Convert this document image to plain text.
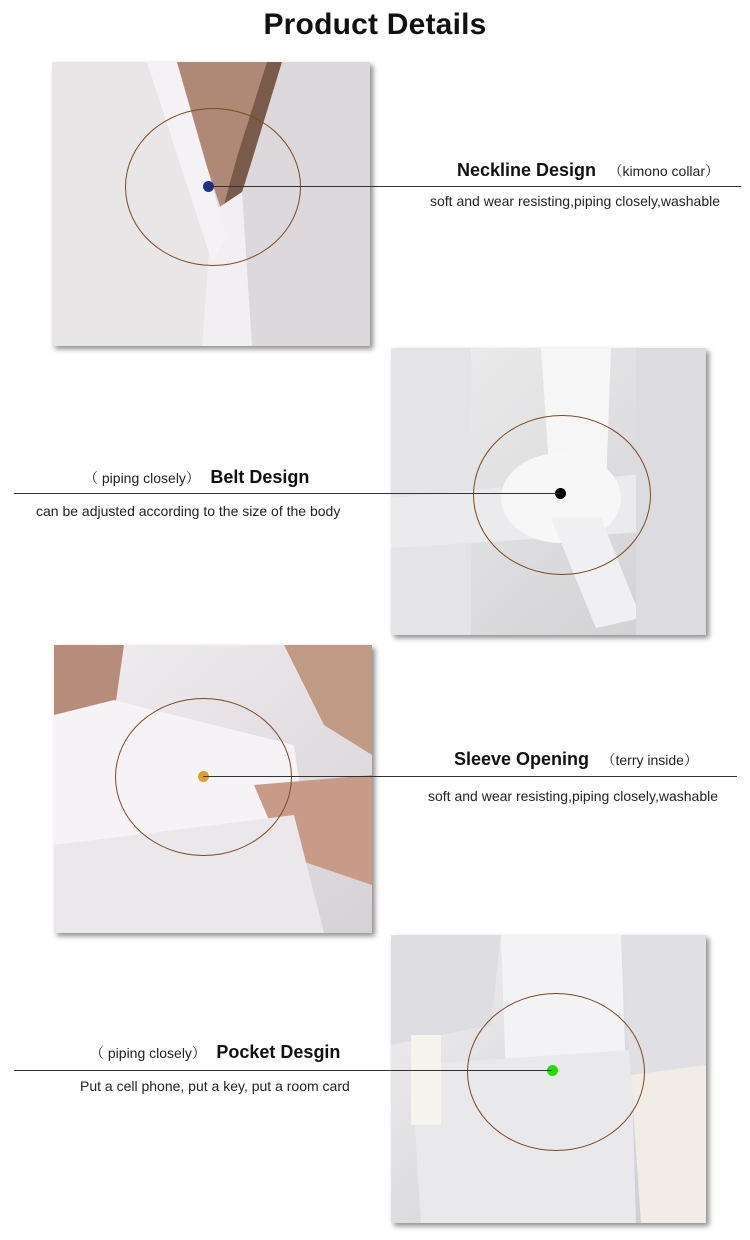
Product Details
Neckline Design （kimono collar）
soft and wear resisting,piping closely,washable
（ piping closely） Belt Design
can be adjusted according to the size of the body
Sleeve Opening （terry inside）
soft and wear resisting,piping closely,washable
（ piping closely） Pocket Desgin
Put a cell phone, put a key, put a room card
